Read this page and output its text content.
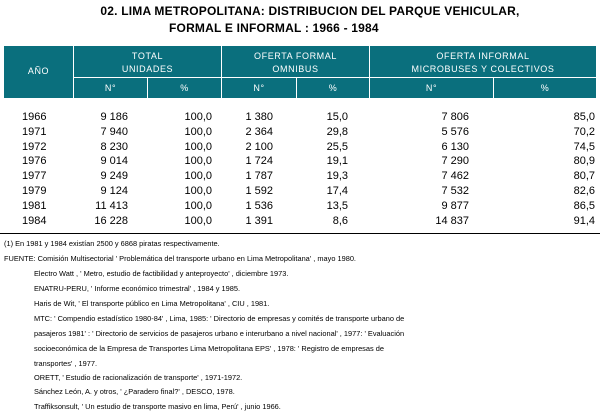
02. LIMA METROPOLITANA: DISTRIBUCION DEL PARQUE VEHICULAR,
FORMAL E INFORMAL : 1966 - 1984
AÑO
TOTAL
UNIDADES
OFERTA FORMAL
OMNIBUS
OFERTA INFORMAL
MICROBUSES Y COLECTIVOS
N°	%	N°	%	N°	%
1966	9 186	100,0	1 380	15,0	7 806	85,0
1971	7 940	100,0	2 364	29,8	5 576	70,2
1972	8 230	100,0	2 100	25,5	6 130	74,5
1976	9 014	100,0	1 724	19,1	7 290	80,9
1977	9 249	100,0	1 787	19,3	7 462	80,7
1979	9 124	100,0	1 592	17,4	7 532	82,6
1981	11 413	100,0	1 536	13,5	9 877	86,5
1984	16 228	100,0	1 391	8,6	14 837	91,4
(1) En 1981 y 1984 existían 2500 y 6868 piratas respectivamente.
FUENTE: Comisión Multisectorial ' Problemática del transporte urbano en Lima Metropolitana' , mayo 1980.
Electro Watt , ' Metro, estudio de factibilidad y anteproyecto' , diciembre 1973.
ENATRU-PERU, ' Informe económico trimestral' , 1984 y 1985.
Haris de Wit, ' El transporte público en Lima Metropolitana' , CIU , 1981.
MTC: ' Compendio estadístico 1980-84' , Lima, 1985: ' Directorio de empresas y comités de transporte urbano de
pasajeros 1981' : ' Directorio de servicios de pasajeros urbano e interurbano a nivel nacional' , 1977: ' Evaluación
socioeconómica de la Empresa de Transportes Lima Metropolitana EPS' , 1978: ' Registro de empresas de
transportes' , 1977.
ORETT, ' Estudio de racionalización de transporte' , 1971-1972.
Sánchez León, A. y otros, ' ¿Paradero final?' , DESCO, 1978.
Traffiksonsult, ' Un estudio de transporte masivo en lima, Perú' , junio 1966.
